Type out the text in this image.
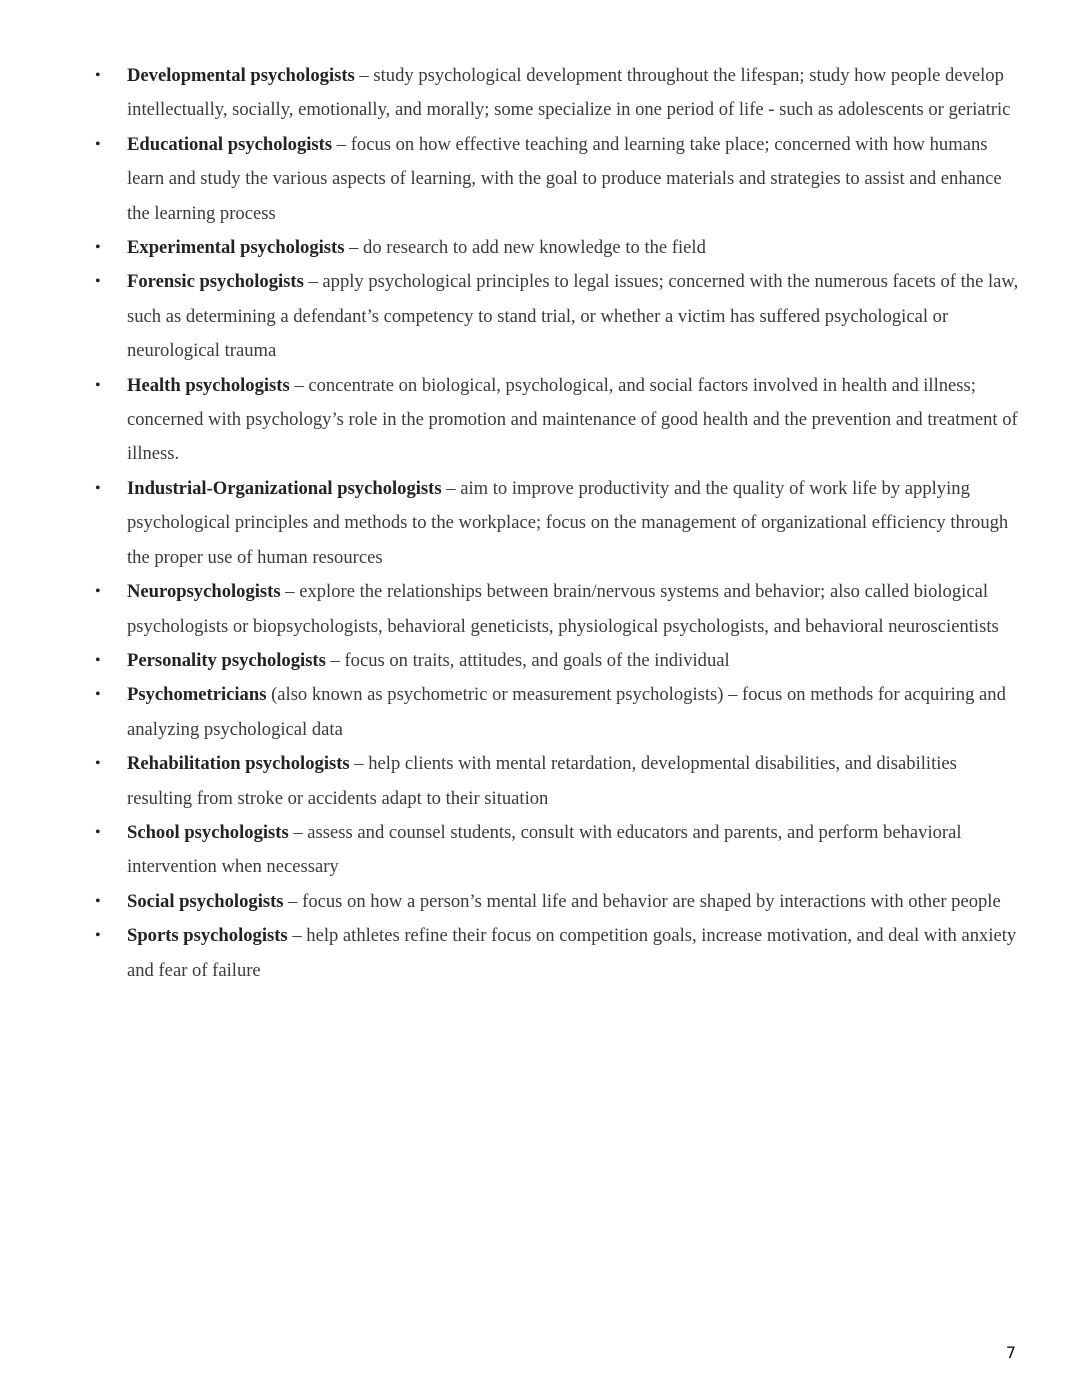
• Developmental psychologists – study psychological development throughout the lifespan; study how people develop intellectually, socially, emotionally, and morally; some specialize in one period of life - such as adolescents or geriatric
• Educational psychologists – focus on how effective teaching and learning take place; concerned with how humans learn and study the various aspects of learning, with the goal to produce materials and strategies to assist and enhance the learning process
• Experimental psychologists – do research to add new knowledge to the field
• Forensic psychologists – apply psychological principles to legal issues; concerned with the numerous facets of the law, such as determining a defendant’s competency to stand trial, or whether a victim has suffered psychological or neurological trauma
• Health psychologists – concentrate on biological, psychological, and social factors involved in health and illness; concerned with psychology’s role in the promotion and maintenance of good health and the prevention and treatment of illness.
• Industrial-Organizational psychologists – aim to improve productivity and the quality of work life by applying psychological principles and methods to the workplace; focus on the management of organizational efficiency through the proper use of human resources
• Neuropsychologists – explore the relationships between brain/nervous systems and behavior; also called biological psychologists or biopsychologists, behavioral geneticists, physiological psychologists, and behavioral neuroscientists
• Personality psychologists – focus on traits, attitudes, and goals of the individual
• Psychometricians (also known as psychometric or measurement psychologists) – focus on methods for acquiring and analyzing psychological data
• Rehabilitation psychologists – help clients with mental retardation, developmental disabilities, and disabilities resulting from stroke or accidents adapt to their situation
• School psychologists – assess and counsel students, consult with educators and parents, and perform behavioral intervention when necessary
• Social psychologists – focus on how a person’s mental life and behavior are shaped by interactions with other people
• Sports psychologists – help athletes refine their focus on competition goals, increase motivation, and deal with anxiety and fear of failure
7
